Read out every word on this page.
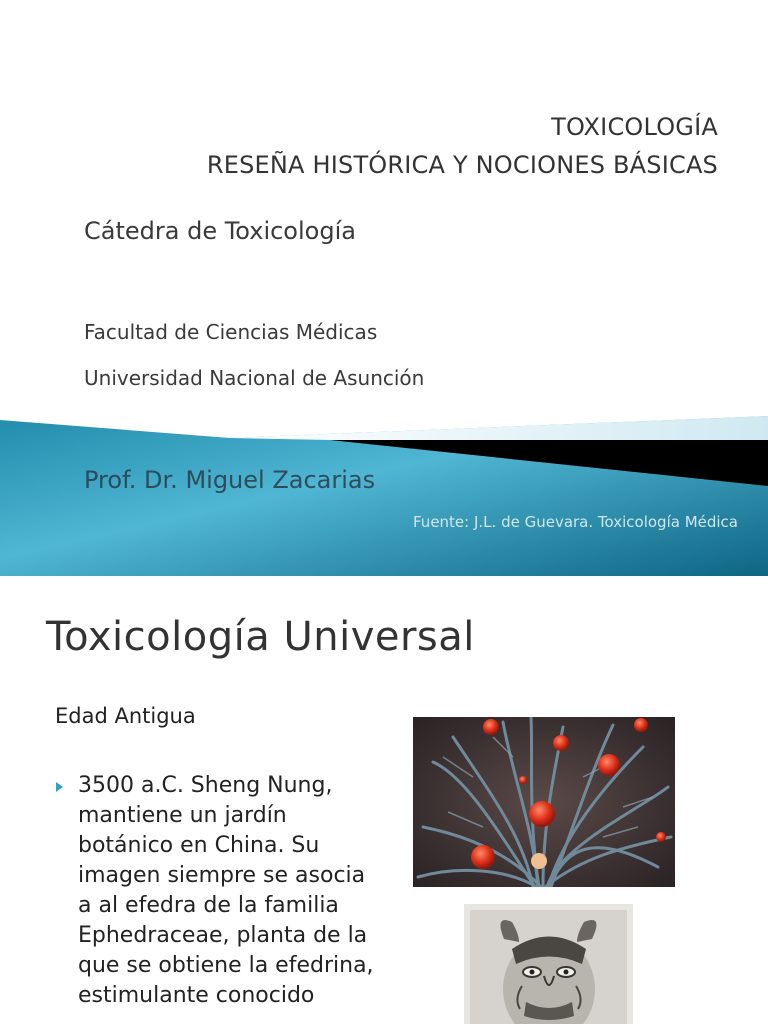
TOXICOLOGÍA
RESEÑA HISTÓRICA Y NOCIONES BÁSICAS
Cátedra de Toxicología
Facultad de Ciencias Médicas
Universidad Nacional de Asunción
Prof. Dr. Miguel Zacarias
Fuente: J.L. de Guevara. Toxicología Médica
Toxicología Universal
Edad Antigua
3500 a.C. Sheng Nung, mantiene un jardín botánico en China. Su imagen siempre se asocia a al efedra de la familia Ephedraceae, planta de la que se obtiene la efedrina, estimulante conocido
